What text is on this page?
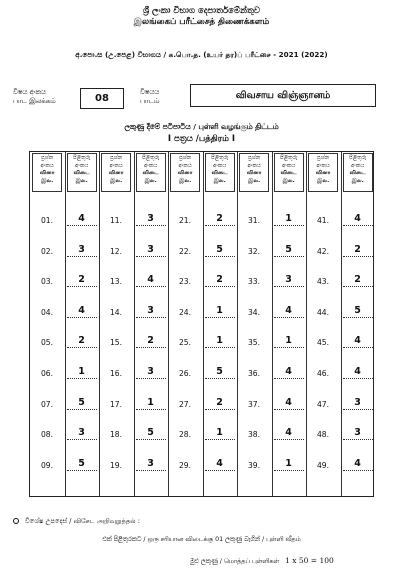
ශ්‍රී ලංකා විභාග දෙපාර්තමේන්තුව
இலங்கைப் பரீட்சைத் திணைக்களம்
අ.පො.ස (උ.පෙළ) විභාගය / க.பொ.த. (உயர் தர)ப் பரீட்சை - 2021 (2022)
විෂය අංකය
பாட இலக்கம்	08
විෂයය
பாடம்
விவசாய விஞ்ஞானம்
ලකුණු දීමේ පටිපාටිය / புள்ளி வழங்கும் திட்டம்
I පත්‍රය /பத்திரம் I
ප්‍රශ්න
අංකය
வினா
இல.
පිළිතුරු
අංකය
விடை
இல.
ප්‍රශ්න
අංකය
வினா
இல.
පිළිතුරු
අංකය
விடை
இல.
ප්‍රශ්න
අංකය
வினா
இல.
පිළිතුරු
අංකය
விடை
இல.
ප්‍රශ්න
අංකය
வினா
இல.
පිළිතුරු
අංකය
விடை
இல.
ප්‍රශ්න
අංකය
வினா
இல.
පිළිතුරු
අංකය
விடை
இல.
01.	4
02.	3
03.	2
04.	4
05.	2
06.	1
07.	5
08.	3
09.	5
11.	3
12.	3
13.	4
14.	3
15.	2
16.	3
17.	1
18.	5
19.	3
21.	2
22.	5
23.	2
24.	1
25.	1
26.	5
27.	2
28.	1
29.	4
31.	1
32.	5
33.	3
34.	4
35.	1
36.	4
37.	4
38.	4
39.	1
41.	4
42.	2
43.	2
44.	5
45.	4
46.	4
47.	3
48.	3
49.	4
විශේෂ උපදෙස් / விசேட அறிவுறுத்தல் :
එක් පිළිතුරකට / ஒரு சரியான விடைக்கு 01 ලකුණු බැගින් / புள்ளி வீதம்
මුළු ලකුණු / மொத்தப் புள்ளிகள் 1 x 50 = 100
